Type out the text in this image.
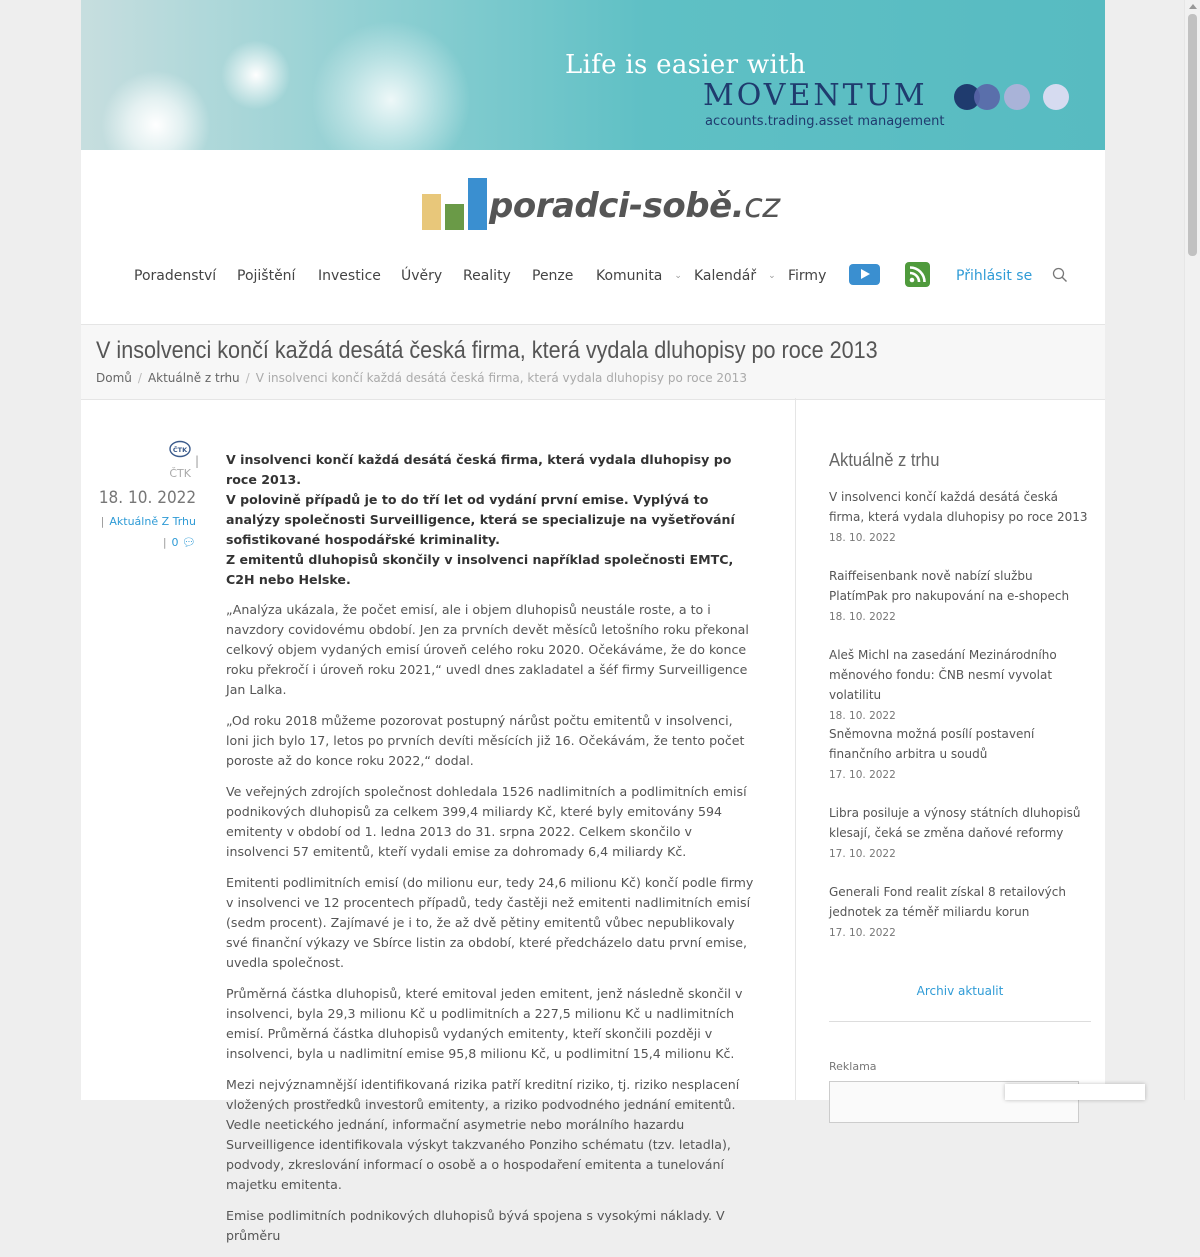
Life is easier with
MOVENTUM
accounts.trading.asset management
poradci-sobě.cz
Poradenství Pojištění Investice Úvěry Reality Penze Komunita ⌄ Kalendář ⌄ Firmy	Přihlásit se
V insolvenci končí každá desátá česká firma, která vydala dluhopisy po roce 2013
Domů / Aktuálně z trhu / V insolvenci končí každá desátá česká firma, která vydala dluhopisy po roce 2013
ČTK
|
ČTK
18. 10. 2022
| Aktuálně Z Trhu
| 0 💬︎
V insolvenci končí každá desátá česká firma, která vydala dluhopisy po roce 2013.
V polovině případů je to do tří let od vydání první emise. Vyplývá to analýzy společnosti Surveilligence, která se specializuje na vyšetřování sofistikované hospodářské kriminality.
Z emitentů dluhopisů skončily v insolvenci například společnosti EMTC, C2H nebo Helske.

„Analýza ukázala, že počet emisí, ale i objem dluhopisů neustále roste, a to i navzdory covidovému období. Jen za prvních devět měsíců letošního roku překonal celkový objem vydaných emisí úroveň celého roku 2020. Očekáváme, že do konce roku překročí i úroveň roku 2021,“ uvedl dnes zakladatel a šéf firmy Surveilligence Jan Lalka.

„Od roku 2018 můžeme pozorovat postupný nárůst počtu emitentů v insolvenci, loni jich bylo 17, letos po prvních devíti měsících již 16. Očekávám, že tento počet poroste až do konce roku 2022,“ dodal.

Ve veřejných zdrojích společnost dohledala 1526 nadlimitních a podlimitních emisí podnikových dluhopisů za celkem 399,4 miliardy Kč, které byly emitovány 594 emitenty v období od 1. ledna 2013 do 31. srpna 2022. Celkem skončilo v insolvenci 57 emitentů, kteří vydali emise za dohromady 6,4 miliardy Kč.

Emitenti podlimitních emisí (do milionu eur, tedy 24,6 milionu Kč) končí podle firmy v insolvenci ve 12 procentech případů, tedy častěji než emitenti nadlimitních emisí (sedm procent). Zajímavé je i to, že až dvě pětiny emitentů vůbec nepublikovaly své finanční výkazy ve Sbírce listin za období, které předcházelo datu první emise, uvedla společnost.

Průměrná částka dluhopisů, které emitoval jeden emitent, jenž následně skončil v insolvenci, byla 29,3 milionu Kč u podlimitních a 227,5 milionu Kč u nadlimitních emisí. Průměrná částka dluhopisů vydaných emitenty, kteří skončili později v insolvenci, byla u nadlimitní emise 95,8 milionu Kč, u podlimitní 15,4 milionu Kč.

Mezi nejvýznamnější identifikovaná rizika patří kreditní riziko, tj. riziko nesplacení vložených prostředků investorů emitenty, a riziko podvodného jednání emitentů. Vedle neetického jednání, informační asymetrie nebo morálního hazardu Surveilligence identifikovala výskyt takzvaného Ponziho schématu (tzv. letadla), podvody, zkreslování informací o osobě a o hospodaření emitenta a tunelování majetku emitenta.

Emise podlimitních podnikových dluhopisů bývá spojena s vysokými náklady. V průměru

Aktuálně z trhu
V insolvenci končí každá desátá česká firma, která vydala dluhopisy po roce 2013
18. 10. 2022
Raiffeisenbank nově nabízí službu PlatímPak pro nakupování na e-shopech
18. 10. 2022
Aleš Michl na zasedání Mezinárodního měnového fondu: ČNB nesmí vyvolat volatilitu
18. 10. 2022
Sněmovna možná posílí postavení finančního arbitra u soudů
17. 10. 2022
Libra posiluje a výnosy státních dluhopisů klesají, čeká se změna daňové reformy
17. 10. 2022
Generali Fond realit získal 8 retailových jednotek za téměř miliardu korun
17. 10. 2022
Archiv aktualit
Reklama
